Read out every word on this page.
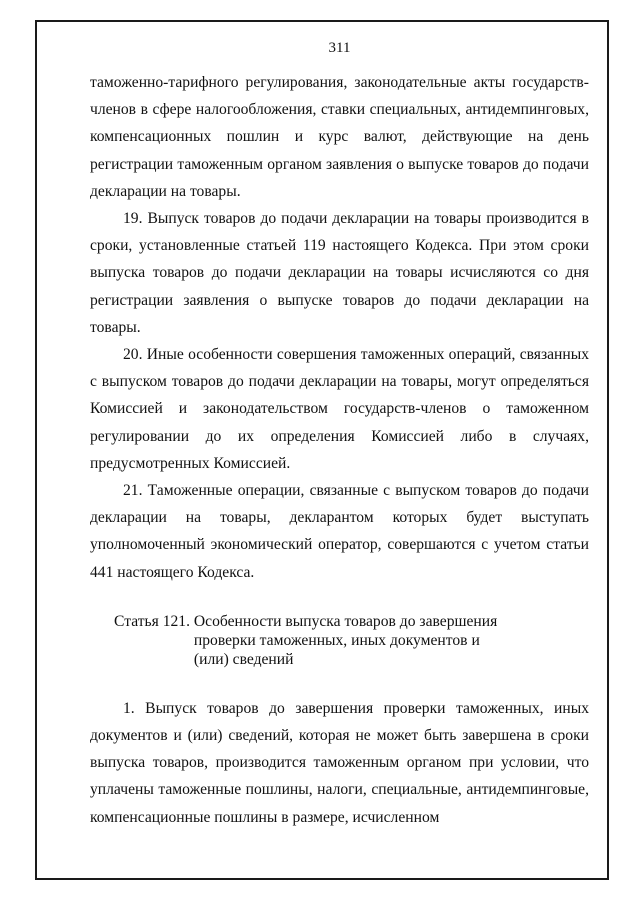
311

таможенно-тарифного регулирования, законодательные акты государств-членов в сфере налогообложения, ставки специальных, антидемпинговых, компенсационных пошлин и курс валют, действующие на день регистрации таможенным органом заявления о выпуске товаров до подачи декларации на товары.

19. Выпуск товаров до подачи декларации на товары производится в сроки, установленные статьей 119 настоящего Кодекса. При этом сроки выпуска товаров до подачи декларации на товары исчисляются со дня регистрации заявления о выпуске товаров до подачи декларации на товары.

20. Иные особенности совершения таможенных операций, связанных с выпуском товаров до подачи декларации на товары, могут определяться Комиссией и законодательством государств-членов о таможенном регулировании до их определения Комиссией либо в случаях, предусмотренных Комиссией.

21. Таможенные операции, связанные с выпуском товаров до подачи декларации на товары, декларантом которых будет выступать уполномоченный экономический оператор, совершаются с учетом статьи 441 настоящего Кодекса.

Статья 121. Особенности выпуска товаров до завершения проверки таможенных, иных документов и (или) сведений

1. Выпуск товаров до завершения проверки таможенных, иных документов и (или) сведений, которая не может быть завершена в сроки выпуска товаров, производится таможенным органом при условии, что уплачены таможенные пошлины, налоги, специальные, антидемпинговые, компенсационные пошлины в размере, исчисленном
